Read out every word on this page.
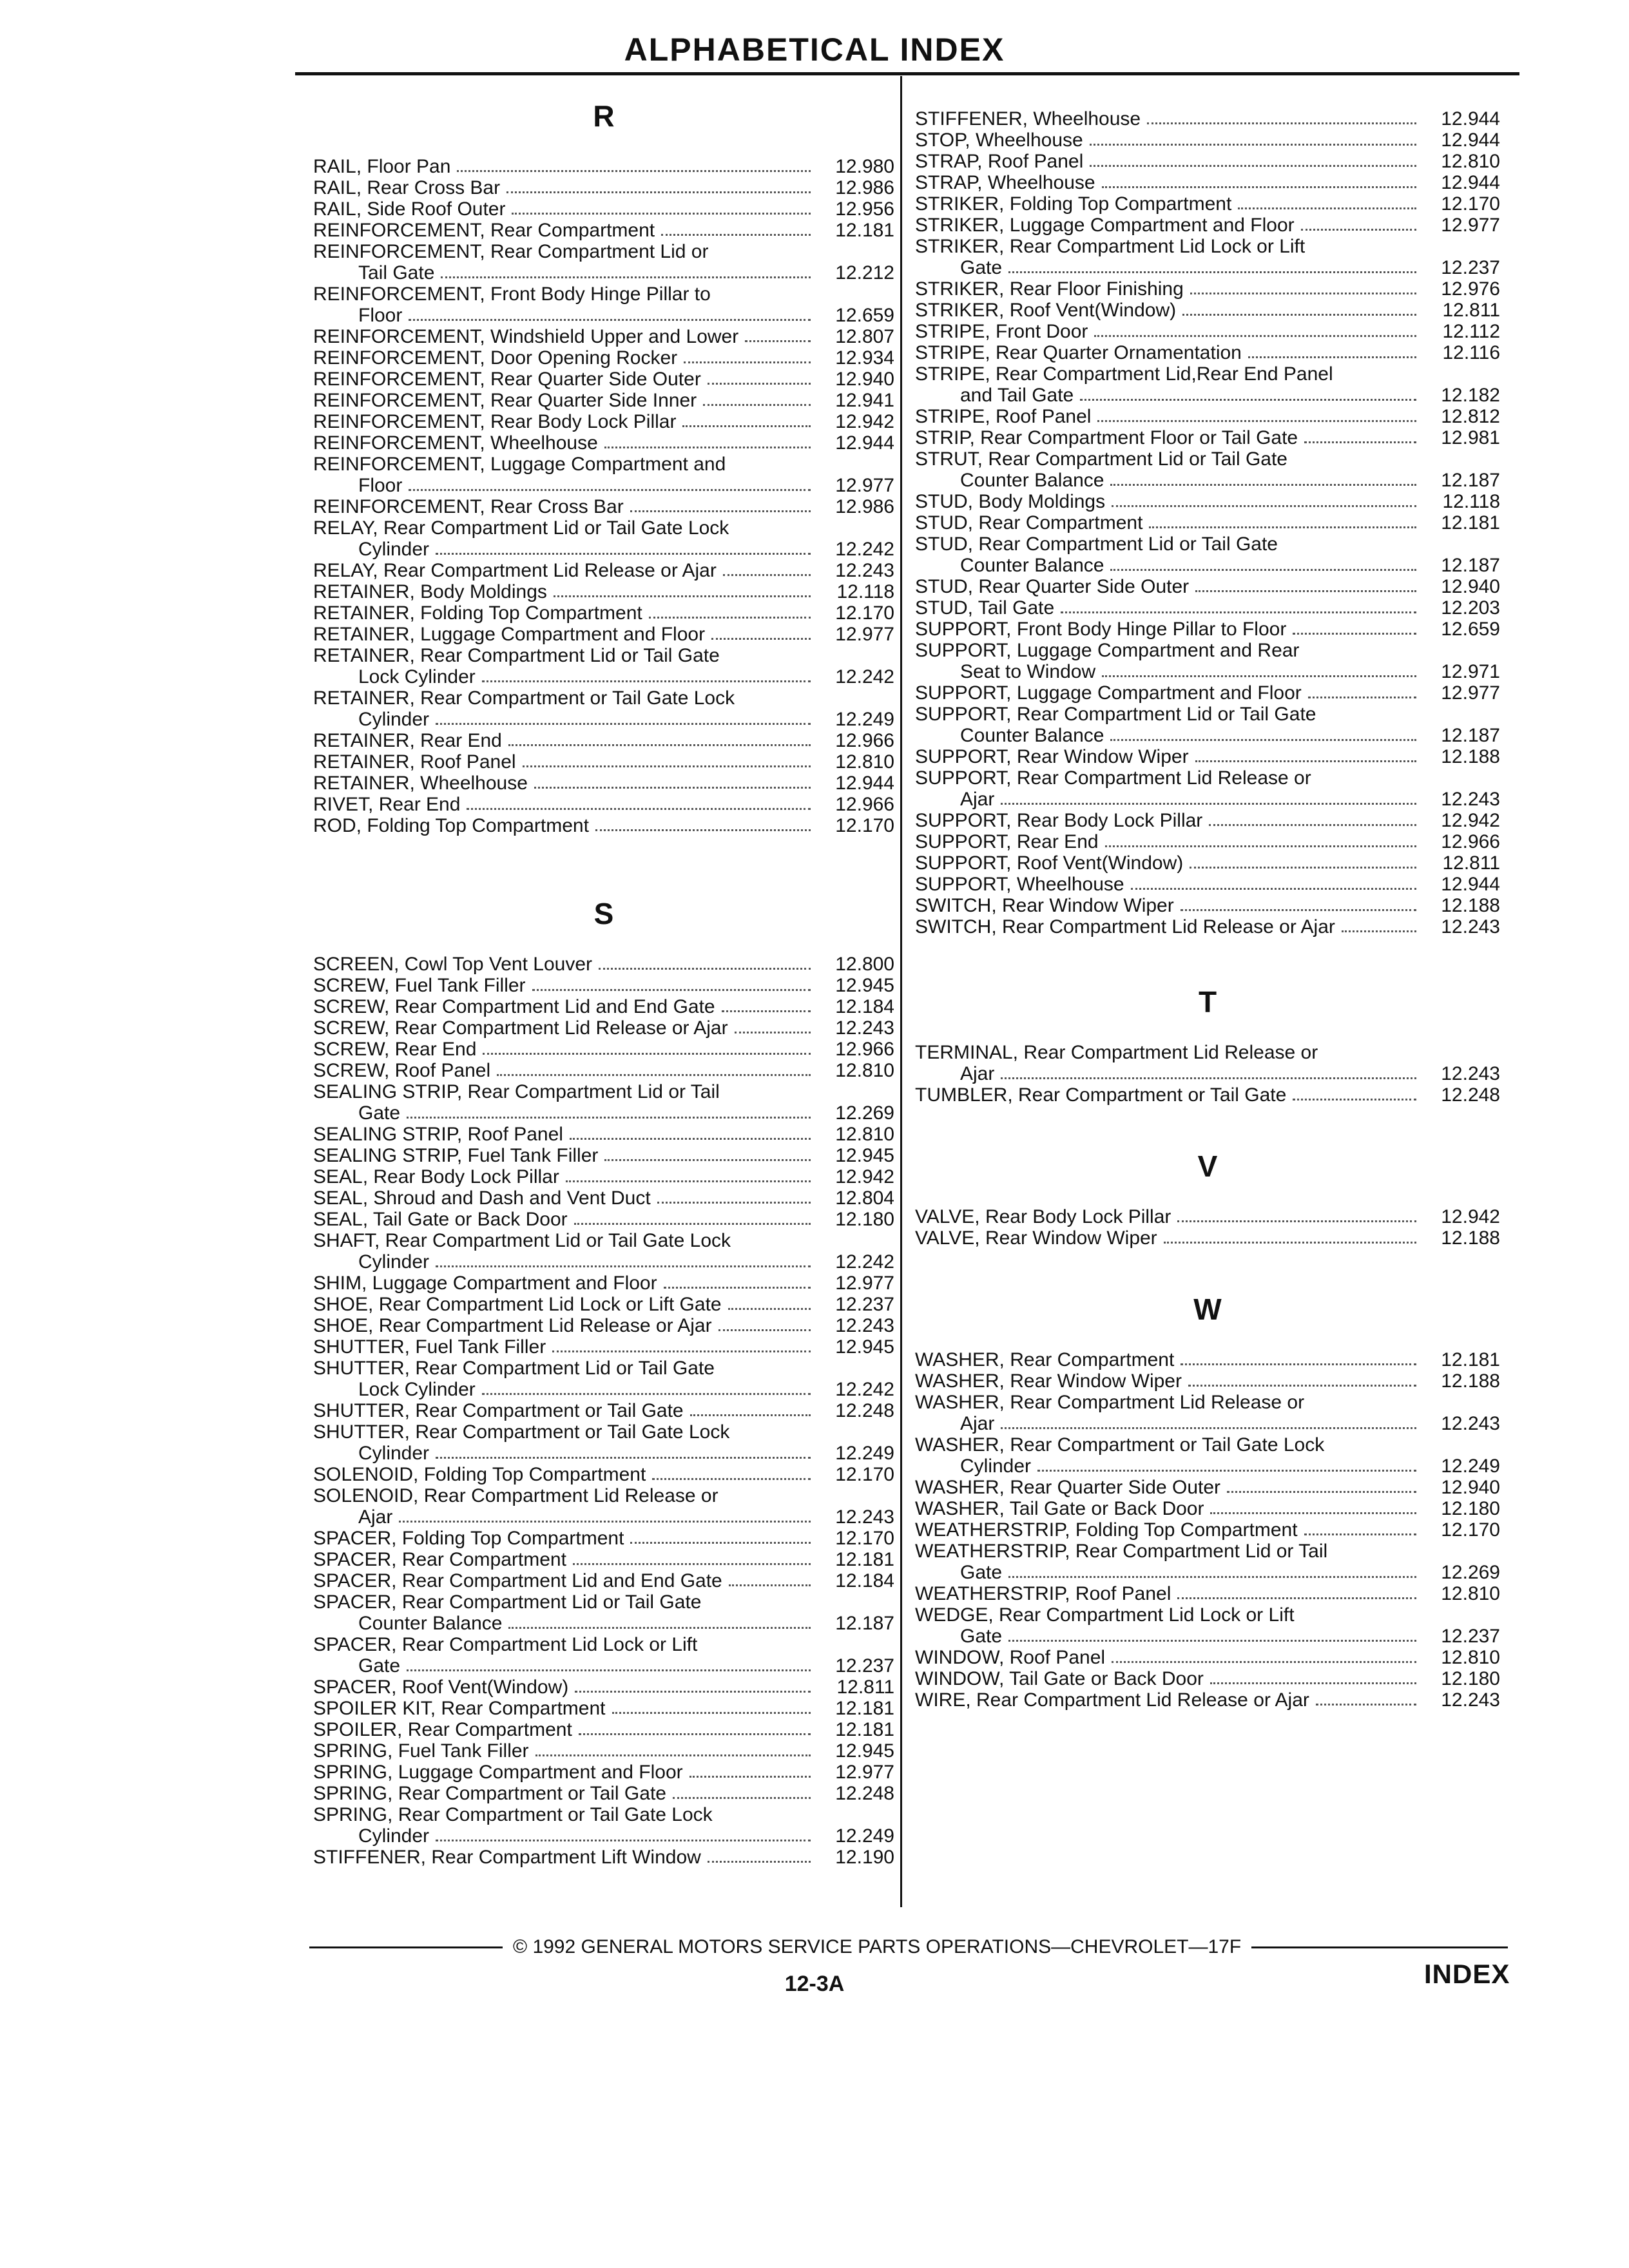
ALPHABETICAL INDEX
R
RAIL, Floor Pan	12.980
RAIL, Rear Cross Bar	12.986
RAIL, Side Roof Outer	12.956
REINFORCEMENT, Rear Compartment	12.181
REINFORCEMENT, Rear Compartment Lid or
Tail Gate	12.212
REINFORCEMENT, Front Body Hinge Pillar to
Floor	12.659
REINFORCEMENT, Windshield Upper and Lower	12.807
REINFORCEMENT, Door Opening Rocker	12.934
REINFORCEMENT, Rear Quarter Side Outer	12.940
REINFORCEMENT, Rear Quarter Side Inner	12.941
REINFORCEMENT, Rear Body Lock Pillar	12.942
REINFORCEMENT, Wheelhouse	12.944
REINFORCEMENT, Luggage Compartment and
Floor	12.977
REINFORCEMENT, Rear Cross Bar	12.986
RELAY, Rear Compartment Lid or Tail Gate Lock
Cylinder	12.242
RELAY, Rear Compartment Lid Release or Ajar	12.243
RETAINER, Body Moldings	12.118
RETAINER, Folding Top Compartment	12.170
RETAINER, Luggage Compartment and Floor	12.977
RETAINER, Rear Compartment Lid or Tail Gate
Lock Cylinder	12.242
RETAINER, Rear Compartment or Tail Gate Lock
Cylinder	12.249
RETAINER, Rear End	12.966
RETAINER, Roof Panel	12.810
RETAINER, Wheelhouse	12.944
RIVET, Rear End	12.966
ROD, Folding Top Compartment	12.170
S
SCREEN, Cowl Top Vent Louver	12.800
SCREW, Fuel Tank Filler	12.945
SCREW, Rear Compartment Lid and End Gate	12.184
SCREW, Rear Compartment Lid Release or Ajar	12.243
SCREW, Rear End	12.966
SCREW, Roof Panel	12.810
SEALING STRIP, Rear Compartment Lid or Tail
Gate	12.269
SEALING STRIP, Roof Panel	12.810
SEALING STRIP, Fuel Tank Filler	12.945
SEAL, Rear Body Lock Pillar	12.942
SEAL, Shroud and Dash and Vent Duct	12.804
SEAL, Tail Gate or Back Door	12.180
SHAFT, Rear Compartment Lid or Tail Gate Lock
Cylinder	12.242
SHIM, Luggage Compartment and Floor	12.977
SHOE, Rear Compartment Lid Lock or Lift Gate	12.237
SHOE, Rear Compartment Lid Release or Ajar	12.243
SHUTTER, Fuel Tank Filler	12.945
SHUTTER, Rear Compartment Lid or Tail Gate
Lock Cylinder	12.242
SHUTTER, Rear Compartment or Tail Gate	12.248
SHUTTER, Rear Compartment or Tail Gate Lock
Cylinder	12.249
SOLENOID, Folding Top Compartment	12.170
SOLENOID, Rear Compartment Lid Release or
Ajar	12.243
SPACER, Folding Top Compartment	12.170
SPACER, Rear Compartment	12.181
SPACER, Rear Compartment Lid and End Gate	12.184
SPACER, Rear Compartment Lid or Tail Gate
Counter Balance	12.187
SPACER, Rear Compartment Lid Lock or Lift
Gate	12.237
SPACER, Roof Vent(Window)	12.811
SPOILER KIT, Rear Compartment	12.181
SPOILER, Rear Compartment	12.181
SPRING, Fuel Tank Filler	12.945
SPRING, Luggage Compartment and Floor	12.977
SPRING, Rear Compartment or Tail Gate	12.248
SPRING, Rear Compartment or Tail Gate Lock
Cylinder	12.249
STIFFENER, Rear Compartment Lift Window	12.190
STIFFENER, Wheelhouse	12.944
STOP, Wheelhouse	12.944
STRAP, Roof Panel	12.810
STRAP, Wheelhouse	12.944
STRIKER, Folding Top Compartment	12.170
STRIKER, Luggage Compartment and Floor	12.977
STRIKER, Rear Compartment Lid Lock or Lift
Gate	12.237
STRIKER, Rear Floor Finishing	12.976
STRIKER, Roof Vent(Window)	12.811
STRIPE, Front Door	12.112
STRIPE, Rear Quarter Ornamentation	12.116
STRIPE, Rear Compartment Lid,Rear End Panel
and Tail Gate	12.182
STRIPE, Roof Panel	12.812
STRIP, Rear Compartment Floor or Tail Gate	12.981
STRUT, Rear Compartment Lid or Tail Gate
Counter Balance	12.187
STUD, Body Moldings	12.118
STUD, Rear Compartment	12.181
STUD, Rear Compartment Lid or Tail Gate
Counter Balance	12.187
STUD, Rear Quarter Side Outer	12.940
STUD, Tail Gate	12.203
SUPPORT, Front Body Hinge Pillar to Floor	12.659
SUPPORT, Luggage Compartment and Rear
Seat to Window	12.971
SUPPORT, Luggage Compartment and Floor	12.977
SUPPORT, Rear Compartment Lid or Tail Gate
Counter Balance	12.187
SUPPORT, Rear Window Wiper	12.188
SUPPORT, Rear Compartment Lid Release or
Ajar	12.243
SUPPORT, Rear Body Lock Pillar	12.942
SUPPORT, Rear End	12.966
SUPPORT, Roof Vent(Window)	12.811
SUPPORT, Wheelhouse	12.944
SWITCH, Rear Window Wiper	12.188
SWITCH, Rear Compartment Lid Release or Ajar	12.243
T
TERMINAL, Rear Compartment Lid Release or
Ajar	12.243
TUMBLER, Rear Compartment or Tail Gate	12.248
V
VALVE, Rear Body Lock Pillar	12.942
VALVE, Rear Window Wiper	12.188
W
WASHER, Rear Compartment	12.181
WASHER, Rear Window Wiper	12.188
WASHER, Rear Compartment Lid Release or
Ajar	12.243
WASHER, Rear Compartment or Tail Gate Lock
Cylinder	12.249
WASHER, Rear Quarter Side Outer	12.940
WASHER, Tail Gate or Back Door	12.180
WEATHERSTRIP, Folding Top Compartment	12.170
WEATHERSTRIP, Rear Compartment Lid or Tail
Gate	12.269
WEATHERSTRIP, Roof Panel	12.810
WEDGE, Rear Compartment Lid Lock or Lift
Gate	12.237
WINDOW, Roof Panel	12.810
WINDOW, Tail Gate or Back Door	12.180
WIRE, Rear Compartment Lid Release or Ajar	12.243
© 1992 GENERAL MOTORS SERVICE PARTS OPERATIONS—CHEVROLET—17F
12-3A	INDEX
